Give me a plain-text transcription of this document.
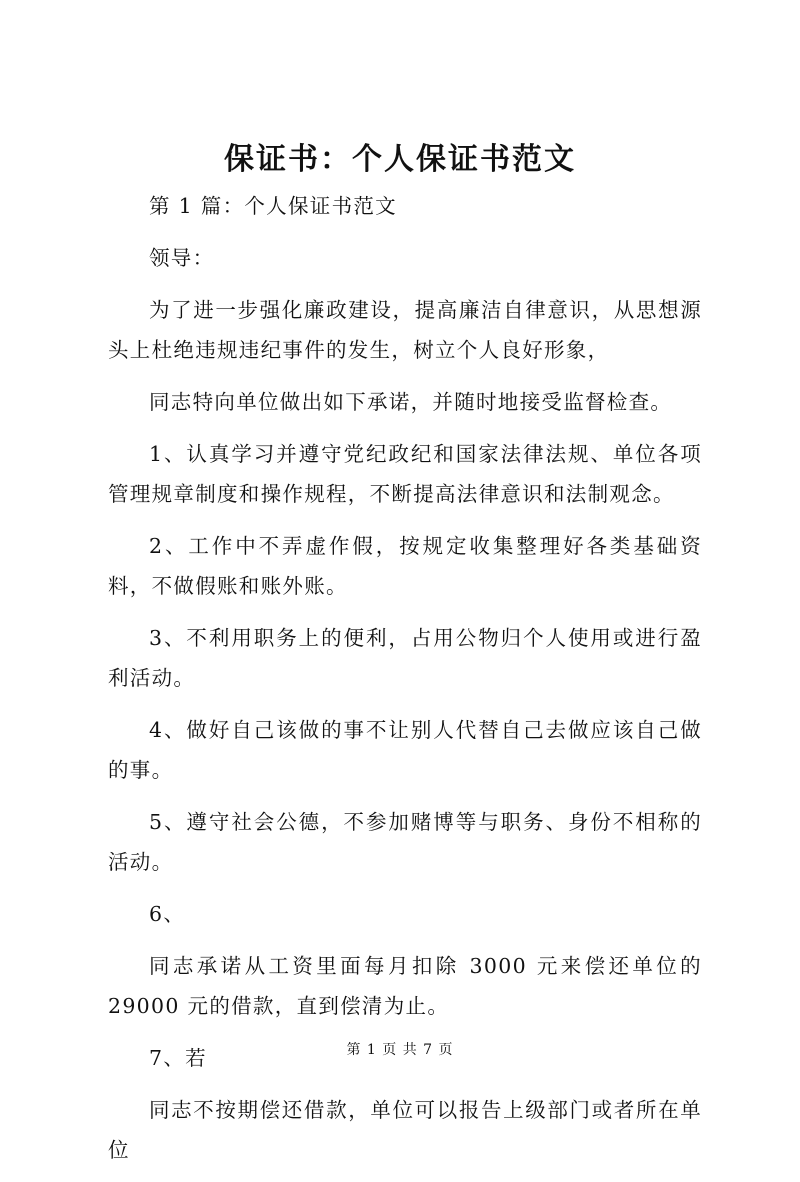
保证书：个人保证书范文

第 1 篇：个人保证书范文

领导：

为了进一步强化廉政建设，提高廉洁自律意识，从思想源头上杜绝违规违纪事件的发生，树立个人良好形象，

同志特向单位做出如下承诺，并随时地接受监督检查。

1、认真学习并遵守党纪政纪和国家法律法规、单位各项管理规章制度和操作规程，不断提高法律意识和法制观念。

2、工作中不弄虚作假，按规定收集整理好各类基础资料，不做假账和账外账。

3、不利用职务上的便利，占用公物归个人使用或进行盈利活动。

4、做好自己该做的事不让别人代替自己去做应该自己做的事。

5、遵守社会公德，不参加赌博等与职务、身份不相称的活动。

6、

同志承诺从工资里面每月扣除 3000 元来偿还单位的 29000 元的借款，直到偿清为止。

7、若

同志不按期偿还借款，单位可以报告上级部门或者所在单位

第 1 页 共 7 页
